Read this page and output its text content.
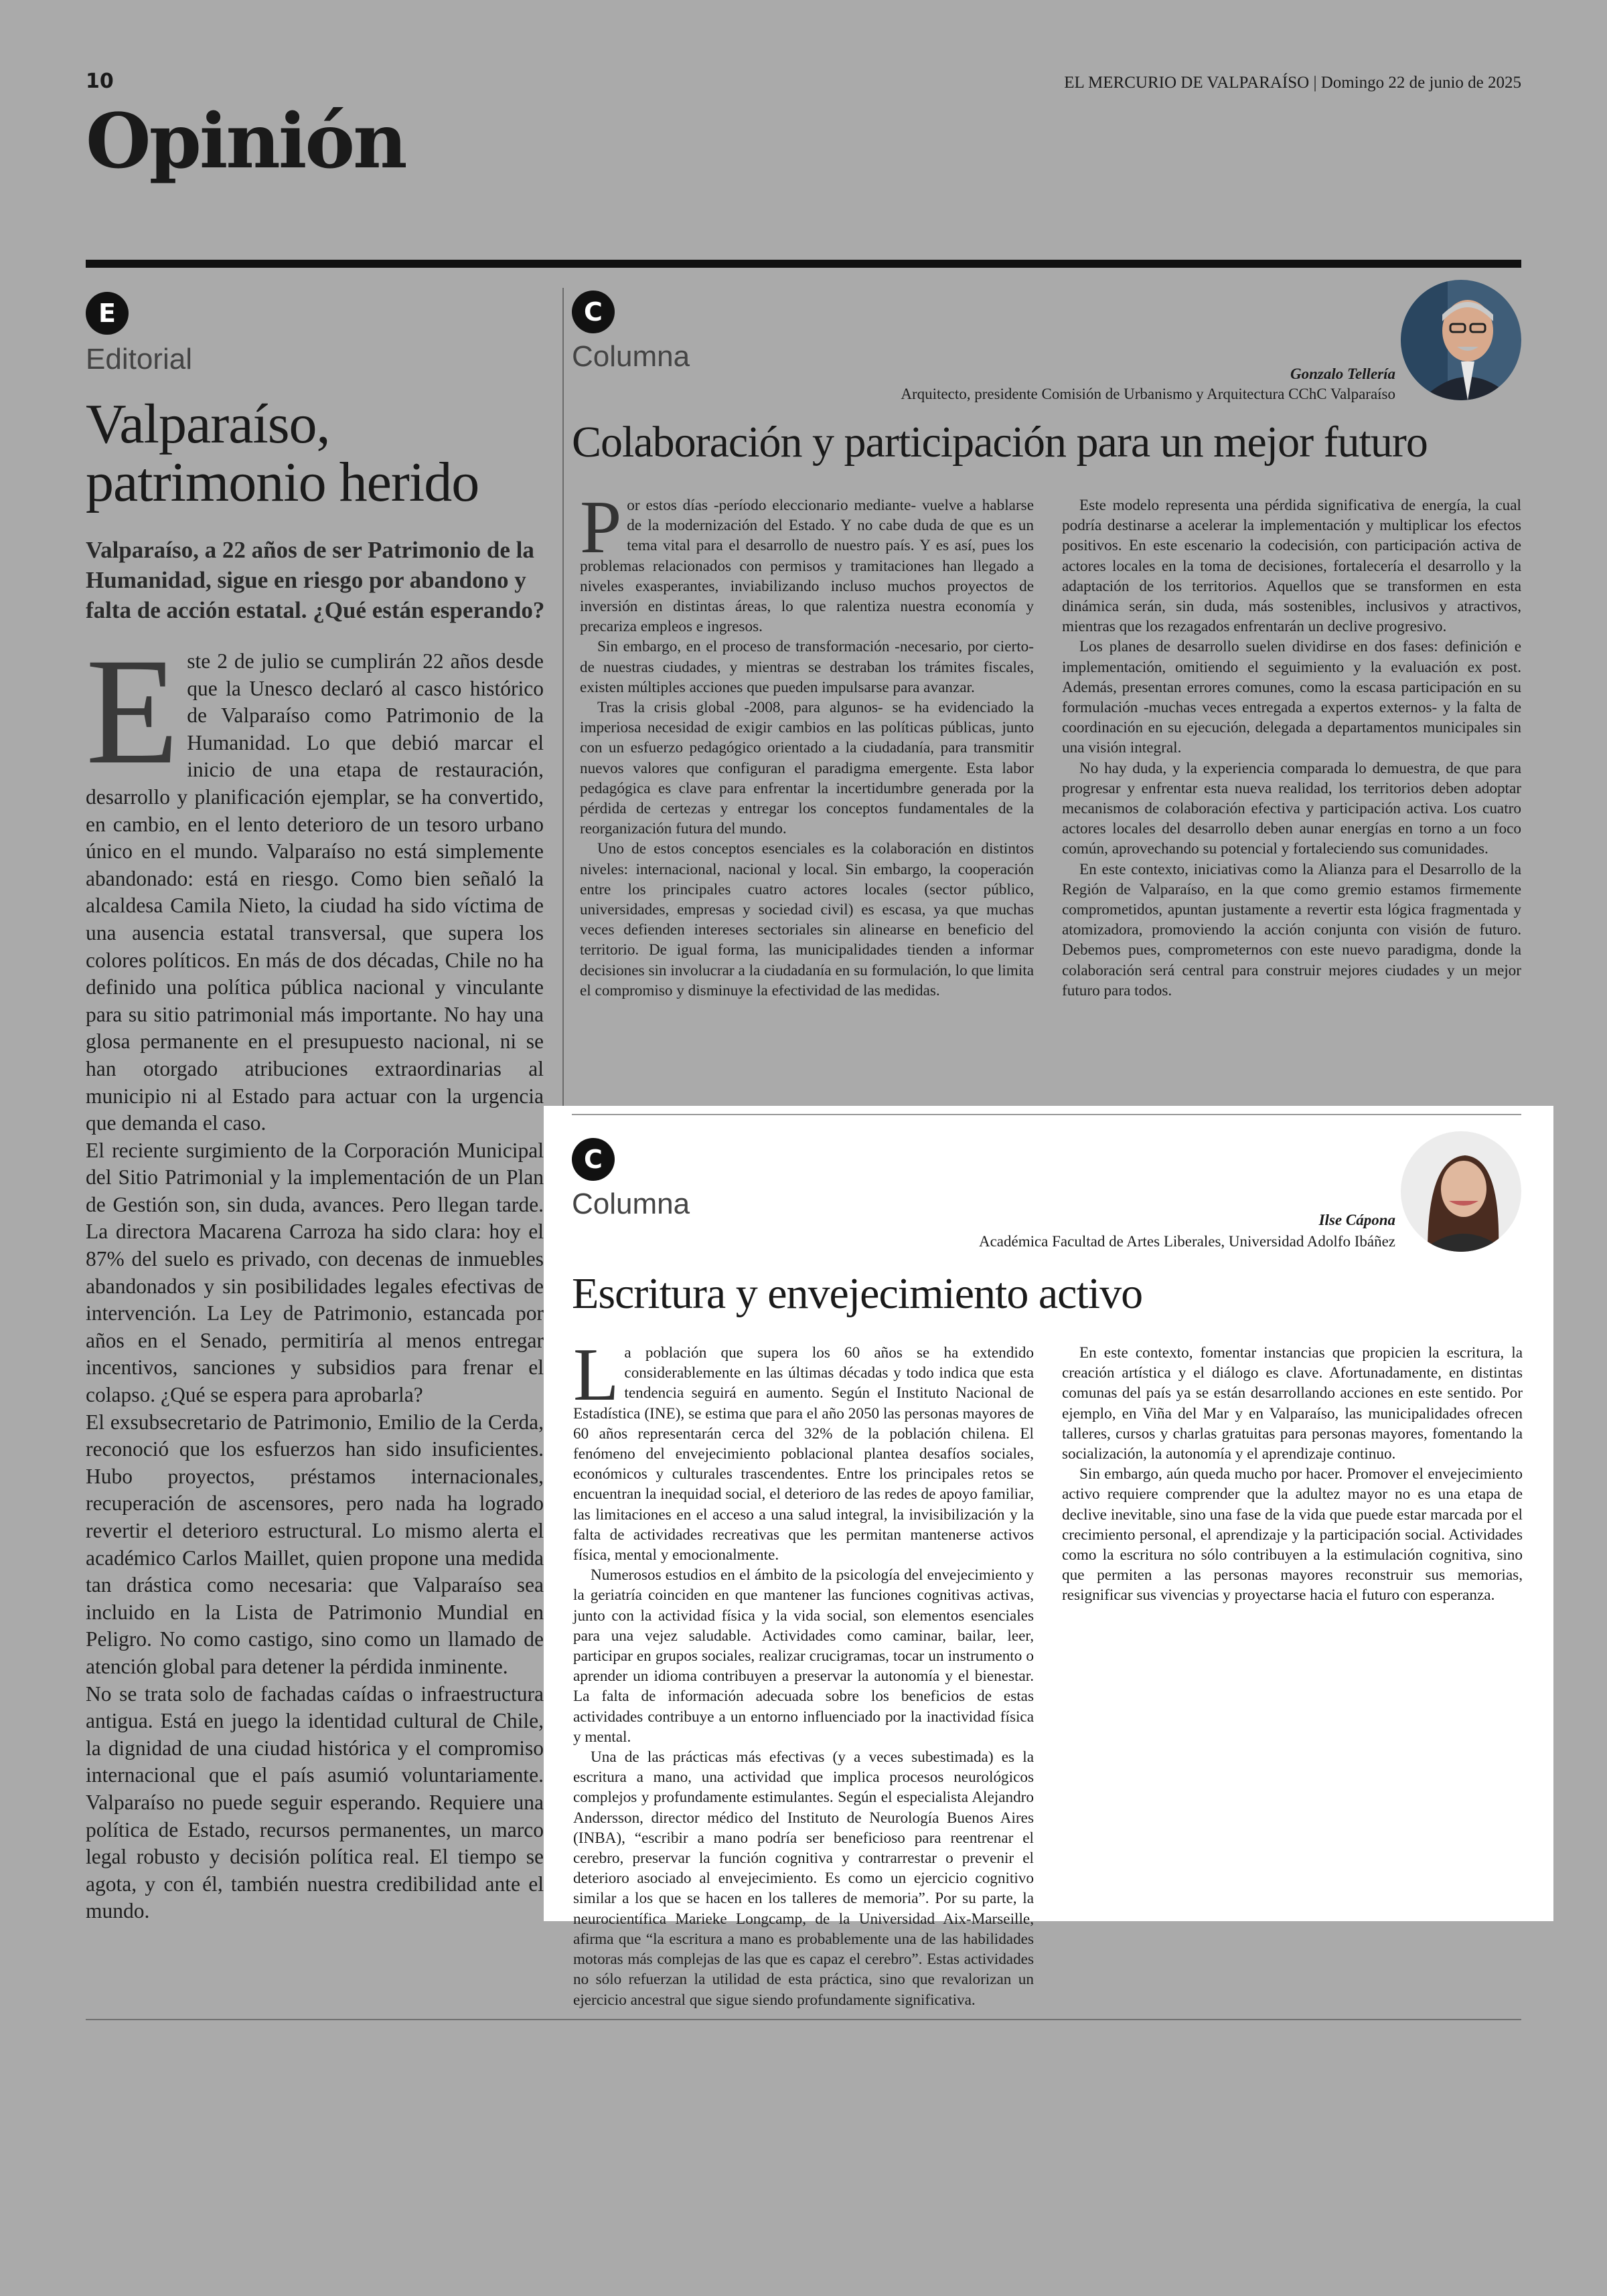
10	EL MERCURIO DE VALPARAÍSO | Domingo 22 de junio de 2025
Opinión
E
Editorial
Valparaíso, patrimonio herido
Valparaíso, a 22 años de ser Patrimonio de la Humanidad, sigue en riesgo por abandono y falta de acción estatal. ¿Qué están esperando?

Este 2 de julio se cumplirán 22 años desde que la Unesco declaró al casco histórico de Valparaíso como Patrimonio de la Humanidad. Lo que debió marcar el inicio de una etapa de restauración, desarrollo y planificación ejemplar, se ha convertido, en cambio, en el lento deterioro de un tesoro urbano único en el mundo. Valparaíso no está simplemente abandonado: está en riesgo. Como bien señaló la alcaldesa Camila Nieto, la ciudad ha sido víctima de una ausencia estatal transversal, que supera los colores políticos. En más de dos décadas, Chile no ha definido una política pública nacional y vinculante para su sitio patrimonial más importante. No hay una glosa permanente en el presupuesto nacional, ni se han otorgado atribuciones extraordinarias al municipio ni al Estado para actuar con la urgencia que demanda el caso.

El reciente surgimiento de la Corporación Municipal del Sitio Patrimonial y la implementación de un Plan de Gestión son, sin duda, avances. Pero llegan tarde. La directora Macarena Carroza ha sido clara: hoy el 87% del suelo es privado, con decenas de inmuebles abandonados y sin posibilidades legales efectivas de intervención. La Ley de Patrimonio, estancada por años en el Senado, permitiría al menos entregar incentivos, sanciones y subsidios para frenar el colapso. ¿Qué se espera para aprobarla?

El exsubsecretario de Patrimonio, Emilio de la Cerda, reconoció que los esfuerzos han sido insuficientes. Hubo proyectos, préstamos internacionales, recuperación de ascensores, pero nada ha logrado revertir el deterioro estructural. Lo mismo alerta el académico Carlos Maillet, quien propone una medida tan drástica como necesaria: que Valparaíso sea incluido en la Lista de Patrimonio Mundial en Peligro. No como castigo, sino como un llamado de atención global para detener la pérdida inminente.

No se trata solo de fachadas caídas o infraestructura antigua. Está en juego la identidad cultural de Chile, la dignidad de una ciudad histórica y el compromiso internacional que el país asumió voluntariamente. Valparaíso no puede seguir esperando. Requiere una política de Estado, recursos permanentes, un marco legal robusto y decisión política real. El tiempo se agota, y con él, también nuestra credibilidad ante el mundo.

C
Columna
Gonzalo Tellería
Arquitecto, presidente Comisión de Urbanismo y Arquitectura CChC Valparaíso
Colaboración y participación para un mejor futuro

Por estos días -período eleccionario mediante- vuelve a hablarse de la modernización del Estado. Y no cabe duda de que es un tema vital para el desarrollo de nuestro país. Y es así, pues los problemas relacionados con permisos y tramitaciones han llegado a niveles exasperantes, inviabilizando incluso muchos proyectos de inversión en distintas áreas, lo que ralentiza nuestra economía y precariza empleos e ingresos.

Sin embargo, en el proceso de transformación -necesario, por cierto- de nuestras ciudades, y mientras se destraban los trámites fiscales, existen múltiples acciones que pueden impulsarse para avanzar.

Tras la crisis global -2008, para algunos- se ha evidenciado la imperiosa necesidad de exigir cambios en las políticas públicas, junto con un esfuerzo pedagógico orientado a la ciudadanía, para transmitir nuevos valores que configuran el paradigma emergente. Esta labor pedagógica es clave para enfrentar la incertidumbre generada por la pérdida de certezas y entregar los conceptos fundamentales de la reorganización futura del mundo.

Uno de estos conceptos esenciales es la colaboración en distintos niveles: internacional, nacional y local. Sin embargo, la cooperación entre los principales cuatro actores locales (sector público, universidades, empresas y sociedad civil) es escasa, ya que muchas veces defienden intereses sectoriales sin alinearse en beneficio del territorio. De igual forma, las municipalidades tienden a informar decisiones sin involucrar a la ciudadanía en su formulación, lo que limita el compromiso y disminuye la efectividad de las medidas.

Este modelo representa una pérdida significativa de energía, la cual podría destinarse a acelerar la implementación y multiplicar los efectos positivos. En este escenario la codecisión, con participación activa de actores locales en la toma de decisiones, fortalecería el desarrollo y la adaptación de los territorios. Aquellos que se transformen en esta dinámica serán, sin duda, más sostenibles, inclusivos y atractivos, mientras que los rezagados enfrentarán un declive progresivo.

Los planes de desarrollo suelen dividirse en dos fases: definición e implementación, omitiendo el seguimiento y la evaluación ex post. Además, presentan errores comunes, como la escasa participación en su formulación -muchas veces entregada a expertos externos- y la falta de coordinación en su ejecución, delegada a departamentos municipales sin una visión integral.

No hay duda, y la experiencia comparada lo demuestra, de que para progresar y enfrentar esta nueva realidad, los territorios deben adoptar mecanismos de colaboración efectiva y participación activa. Los cuatro actores locales del desarrollo deben aunar energías en torno a un foco común, aprovechando su potencial y fortaleciendo sus comunidades.

En este contexto, iniciativas como la Alianza para el Desarrollo de la Región de Valparaíso, en la que como gremio estamos firmemente comprometidos, apuntan justamente a revertir esta lógica fragmentada y atomizadora, promoviendo la acción conjunta con visión de futuro. Debemos pues, comprometernos con este nuevo paradigma, donde la colaboración será central para construir mejores ciudades y un mejor futuro para todos.

C
Columna	Ilse Cápona
Académica Facultad de Artes Liberales, Universidad Adolfo Ibáñez
Escritura y envejecimiento activo

La población que supera los 60 años se ha extendido considerablemente en las últimas décadas y todo indica que esta tendencia seguirá en aumento. Según el Instituto Nacional de Estadística (INE), se estima que para el año 2050 las personas mayores de 60 años representarán cerca del 32% de la población chilena. El fenómeno del envejecimiento poblacional plantea desafíos sociales, económicos y culturales trascendentes. Entre los principales retos se encuentran la inequidad social, el deterioro de las redes de apoyo familiar, las limitaciones en el acceso a una salud integral, la invisibilización y la falta de actividades recreativas que les permitan mantenerse activos física, mental y emocionalmente.

Numerosos estudios en el ámbito de la psicología del envejecimiento y la geriatría coinciden en que mantener las funciones cognitivas activas, junto con la actividad física y la vida social, son elementos esenciales para una vejez saludable. Actividades como caminar, bailar, leer, participar en grupos sociales, realizar crucigramas, tocar un instrumento o aprender un idioma contribuyen a preservar la autonomía y el bienestar. La falta de información adecuada sobre los beneficios de estas actividades contribuye a un entorno influenciado por la inactividad física y mental.

Una de las prácticas más efectivas (y a veces subestimada) es la escritura a mano, una actividad que implica procesos neurológicos complejos y profundamente estimulantes. Según el especialista Alejandro Andersson, director médico del Instituto de Neurología Buenos Aires (INBA), “escribir a mano podría ser beneficioso para reentrenar el cerebro, preservar la función cognitiva y contrarrestar o prevenir el deterioro asociado al envejecimiento. Es como un ejercicio cognitivo similar a los que se hacen en los talleres de memoria”. Por su parte, la neurocientífica Marieke Longcamp, de la Universidad Aix-Marseille, afirma que “la escritura a mano es probablemente una de las habilidades motoras más complejas de las que es capaz el cerebro”. Estas actividades no sólo refuerzan la utilidad de esta práctica, sino que revalorizan un ejercicio ancestral que sigue siendo profundamente significativa.

En este contexto, fomentar instancias que propicien la escritura, la creación artística y el diálogo es clave. Afortunadamente, en distintas comunas del país ya se están desarrollando acciones en este sentido. Por ejemplo, en Viña del Mar y en Valparaíso, las municipalidades ofrecen talleres, cursos y charlas gratuitas para personas mayores, fomentando la socialización, la autonomía y el aprendizaje continuo.

Sin embargo, aún queda mucho por hacer. Promover el envejecimiento activo requiere comprender que la adultez mayor no es una etapa de declive inevitable, sino una fase de la vida que puede estar marcada por el crecimiento personal, el aprendizaje y la participación social. Actividades como la escritura no sólo contribuyen a la estimulación cognitiva, sino que permiten a las personas mayores reconstruir sus memorias, resignificar sus vivencias y proyectarse hacia el futuro con esperanza.
